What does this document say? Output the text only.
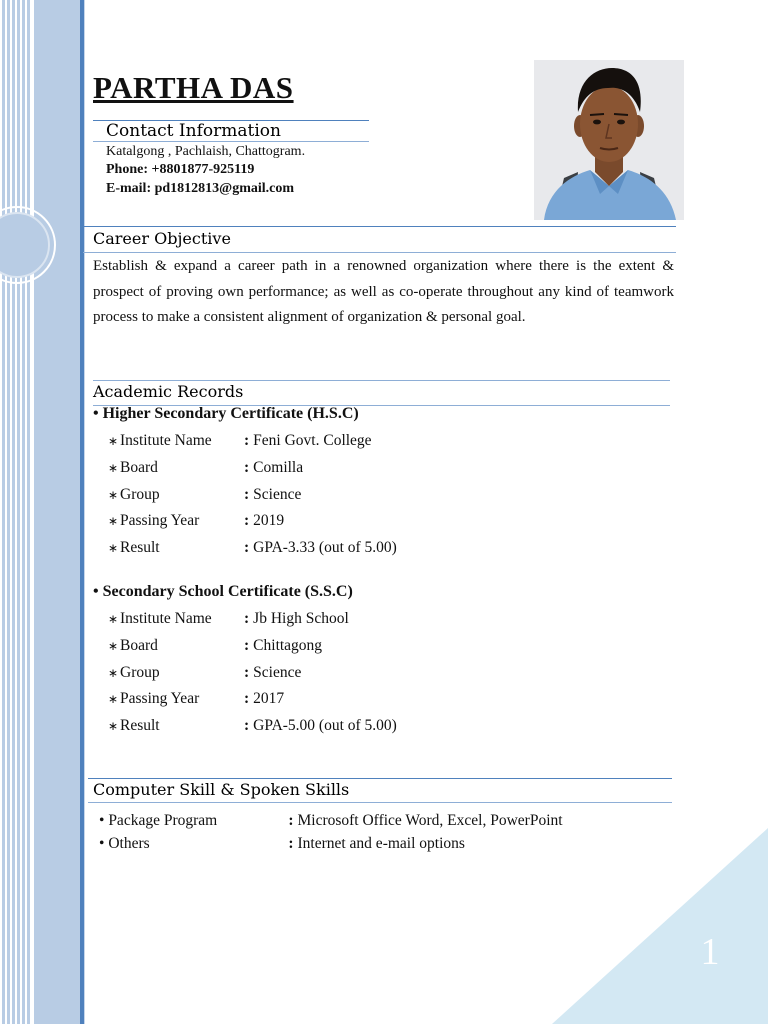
1
PARTHA DAS
Contact Information
Katalgong , Pachlaish, Chattogram.
Phone: +8801877-925119
E-mail: pd1812813@gmail.com
Career Objective
Establish & expand a career path in a renowned organization where there is the extent & prospect of proving own performance; as well as co-operate throughout any kind of teamwork process to make a consistent alignment of organization & personal goal.
Academic Records
• Higher Secondary Certificate (H.S.C)
∗ Institute Name : Feni Govt. College
∗ Board	: Comilla
∗ Group	: Science
∗ Passing Year	: 2019
∗ Result	: GPA-3.33 (out of 5.00)
• Secondary School Certificate (S.S.C)
∗ Institute Name : Jb High School
∗ Board	: Chittagong
∗ Group	: Science
∗ Passing Year	: 2017
∗ Result	: GPA-5.00 (out of 5.00)
Computer Skill & Spoken Skills
• Package Program	: Microsoft Office Word, Excel, PowerPoint
• Others	: Internet and e-mail options
